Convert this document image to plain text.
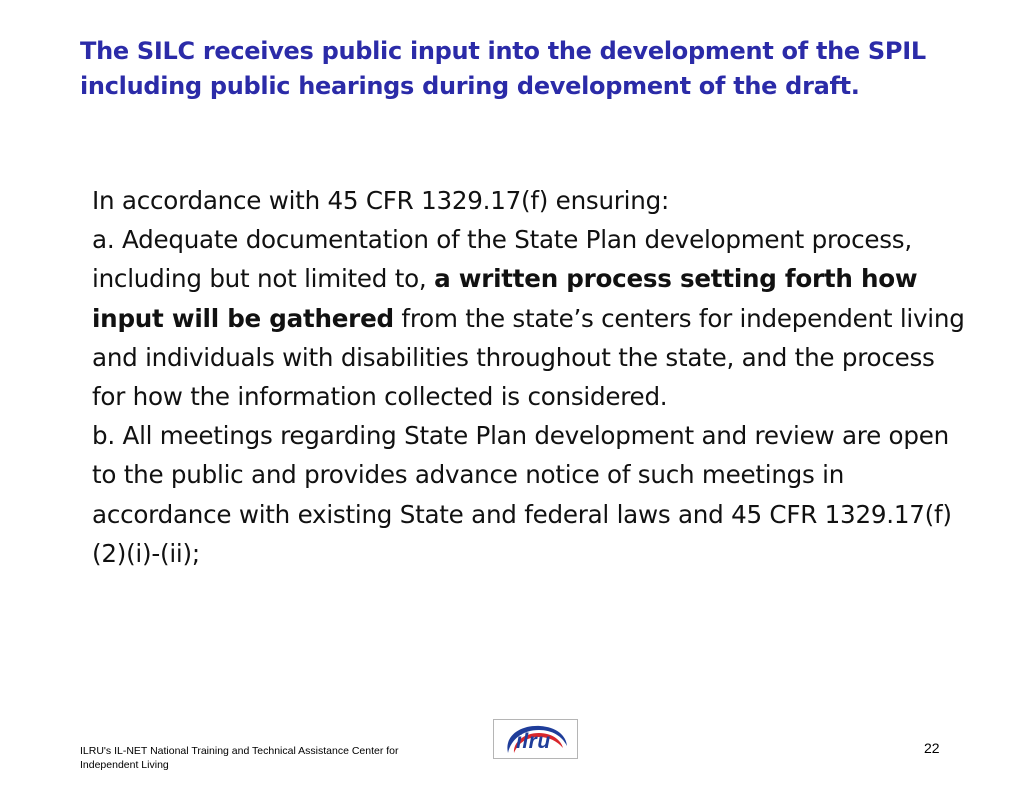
The SILC receives public input into the development of the SPIL including public hearings during development of the draft.

In accordance with 45 CFR 1329.17(f) ensuring:

a. Adequate documentation of the State Plan development process, including but not limited to, a written process setting forth how input will be gathered from the state’s centers for independent living and individuals with disabilities throughout the state, and the process for how the information collected is considered.

b. All meetings regarding State Plan development and review are open to the public and provides advance notice of such meetings in accordance with existing State and federal laws and 45 CFR 1329.17(f)(2)(i)-(ii);

ILRU's IL-NET National Training and Technical Assistance Center for
Independent Living
ilru	22
